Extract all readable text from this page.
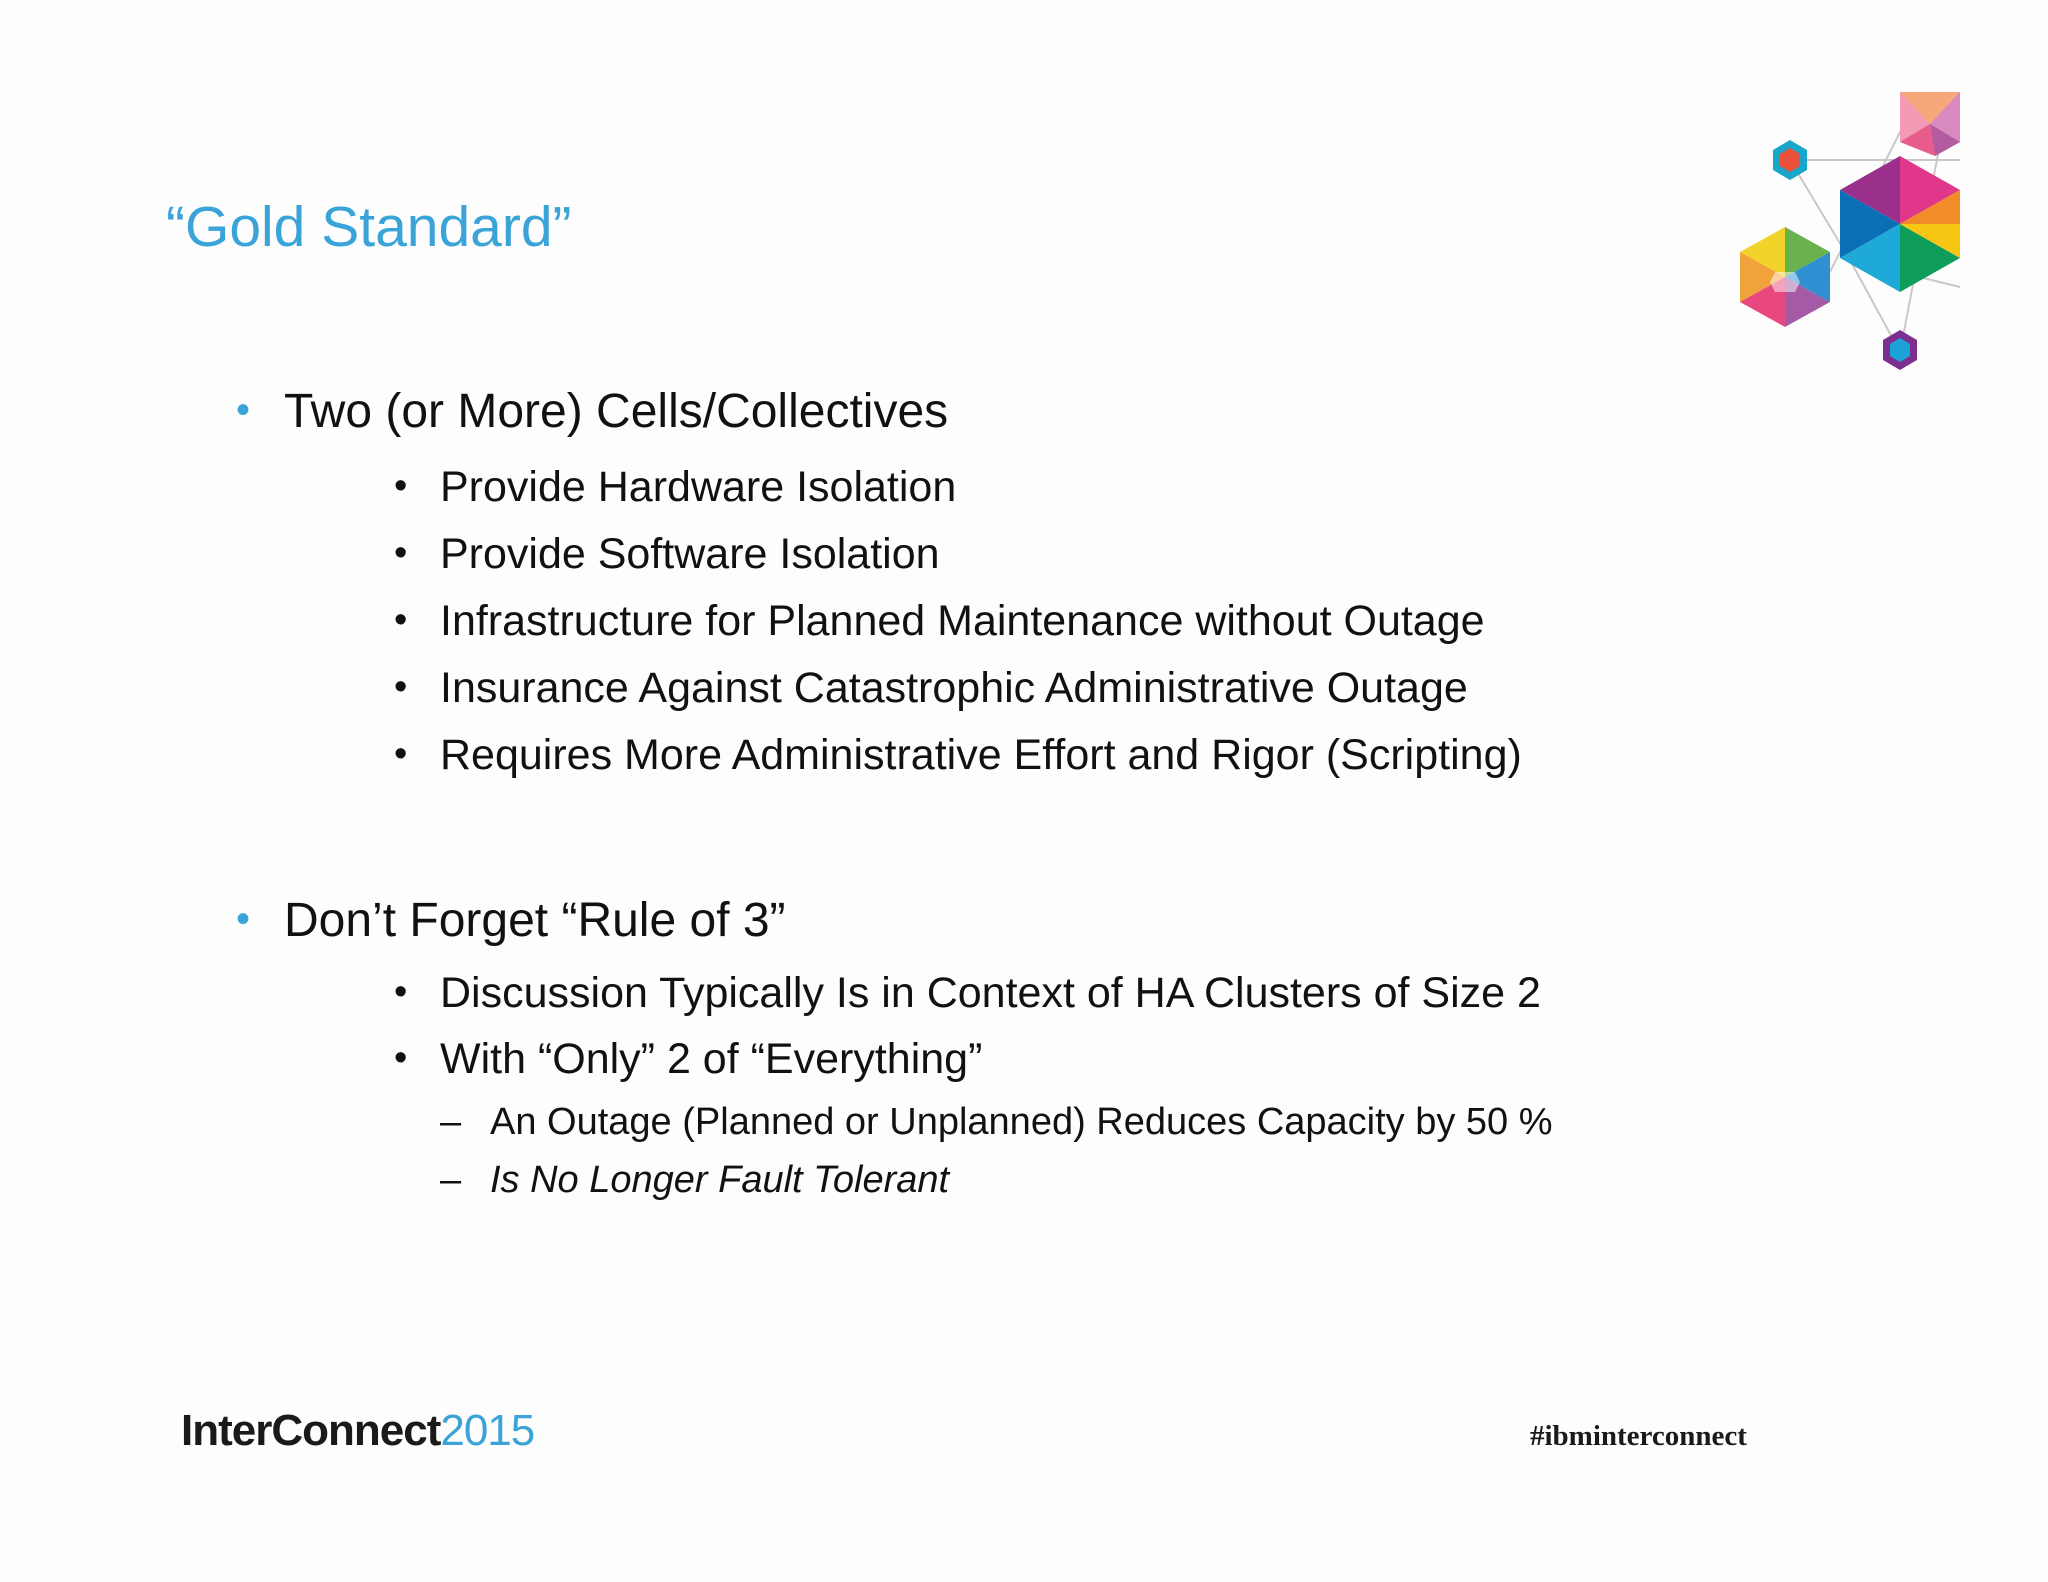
“Gold Standard”
• Two (or More) Cells/Collectives
• Provide Hardware Isolation
• Provide Software Isolation
• Infrastructure for Planned Maintenance without Outage
• Insurance Against Catastrophic Administrative Outage
• Requires More Administrative Effort and Rigor (Scripting)
• Don’t Forget “Rule of 3”
• Discussion Typically Is in Context of HA Clusters of Size 2
• With “Only” 2 of “Everything”
– An Outage (Planned or Unplanned) Reduces Capacity by 50 %
– Is No Longer Fault Tolerant
InterConnect2015	#ibminterconnect
